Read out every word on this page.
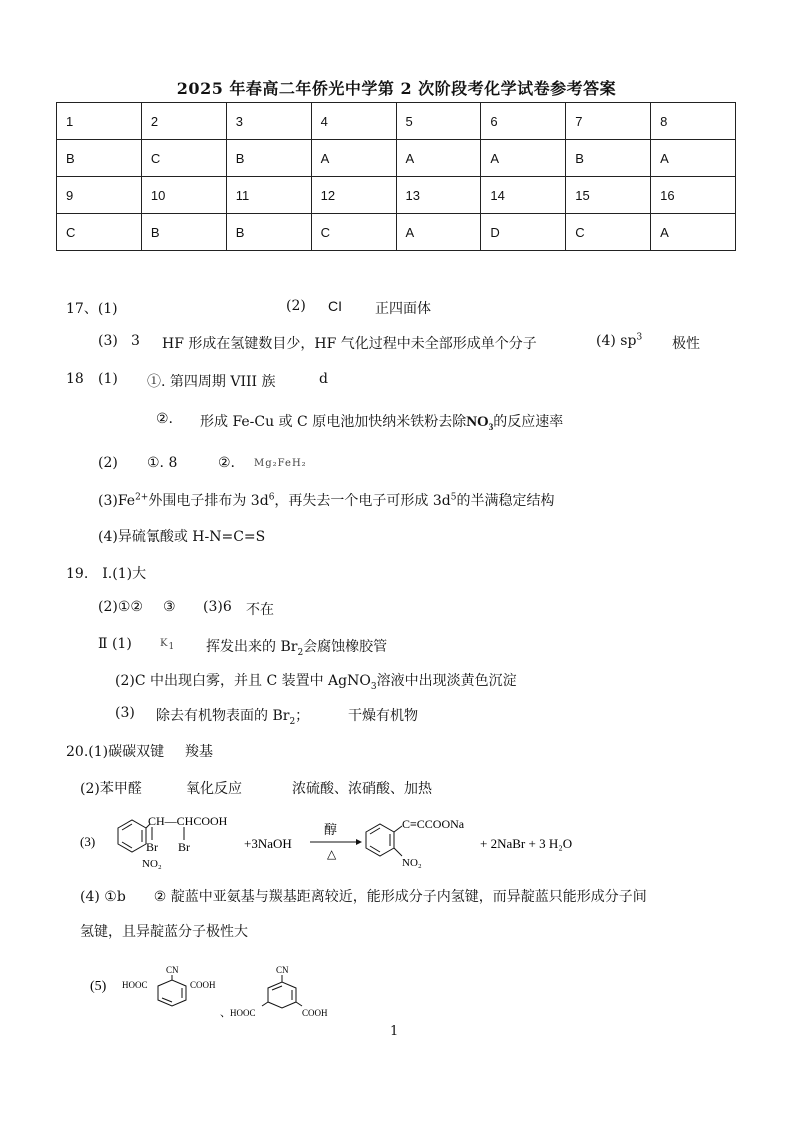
2025 年春高二年侨光中学第 2 次阶段考化学试卷参考答案
1	2	3	4	5	6	7	8
B	C	B	A	A	A	B	A
9	10	11	12	13	14	15	16
C	B	B	C	A	D	C	A
17、(1)	(2) CI 正四面体
(3) 3 HF 形成在氢键数目少，HF 气化过程中未全部形成单个分子	(4) $sp^3$ 极性
18 (1) ①. 第四周期 VIII 族	d
②. 形成 Fe-Cu 或 C 原电池加快纳米铁粉去除$NO_3$的反应速率
(2) ①. 8	②. Mg₂FeH₂
$(3)Fe^{2+}$外围电子排布为 $3d^6$，再失去一个电子可形成 $3d^5$的半满稳定结构
(4)异硫氰酸或 H-N=C=S
19.　Ⅰ.(1)大
(2)①② ③ (3)6 不在
Ⅱ (1)	$K_1$ 挥发出来的 $Br_2$会腐蚀橡胶管
(2)C 中出现白雾，并且 C 装置中 AgNO$_3$溶液中出现淡黄色沉淀
(3) 除去有机物表面的 $Br_2$；	干燥有机物
20.(1)碳碳双键 羧基
(2)苯甲醛	氧化反应	浓硫酸、浓硝酸、加热
(3)
CH—CHCOOH
Br Br
NO₂
+3NaOH
醇
△
C≡CCOONa
NO₂
+ 2NaBr + 3 H₂O
(4) ①b　　② 靛蓝中亚氨基与羰基距离较近，能形成分子内氢键，而异靛蓝只能形成分子间
氢键，且异靛蓝分子极性大
(5)
CN
HOOC	COOH
、
CN
HOOC	COOH
1
